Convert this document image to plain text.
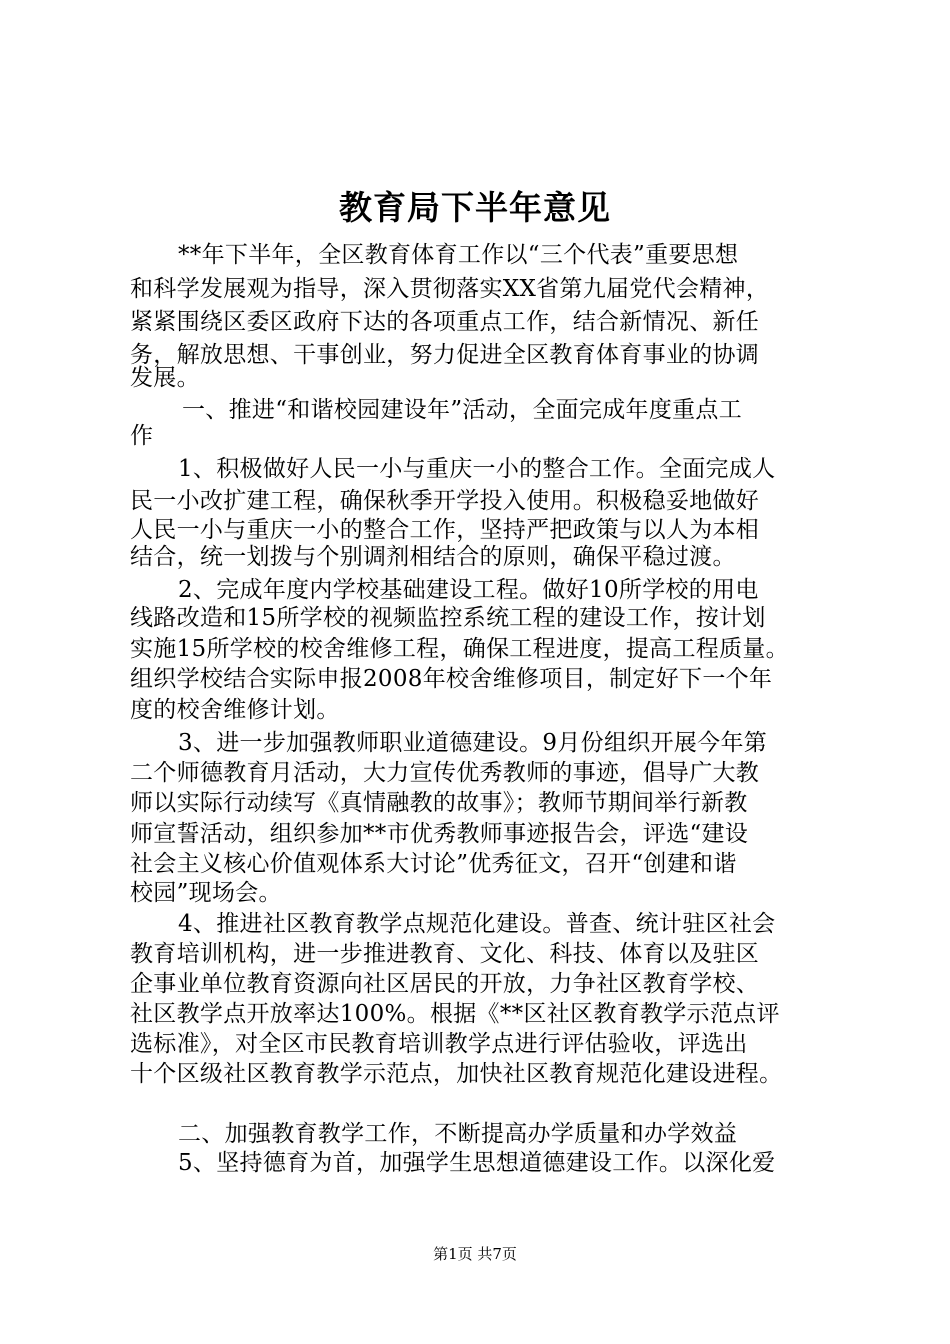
教育局下半年意见
**年下半年，全区教育体育工作以“三个代表”重要思想
和科学发展观为指导，深入贯彻落实XX省第九届党代会精神，
紧紧围绕区委区政府下达的各项重点工作，结合新情况、新任
务，解放思想、干事创业，努力促进全区教育体育事业的协调
发展。
一、推进“和谐校园建设年”活动，全面完成年度重点工
作
1、积极做好人民一小与重庆一小的整合工作。全面完成人
民一小改扩建工程，确保秋季开学投入使用。积极稳妥地做好
人民一小与重庆一小的整合工作，坚持严把政策与以人为本相
结合，统一划拨与个别调剂相结合的原则，确保平稳过渡。
2、完成年度内学校基础建设工程。做好10所学校的用电
线路改造和15所学校的视频监控系统工程的建设工作，按计划
实施15所学校的校舍维修工程，确保工程进度，提高工程质量。
组织学校结合实际申报2008年校舍维修项目，制定好下一个年
度的校舍维修计划。
3、进一步加强教师职业道德建设。9月份组织开展今年第
二个师德教育月活动，大力宣传优秀教师的事迹，倡导广大教
师以实际行动续写《真情融教的故事》；教师节期间举行新教
师宣誓活动，组织参加**市优秀教师事迹报告会，评选“建设
社会主义核心价值观体系大讨论”优秀征文，召开“创建和谐
校园”现场会。
4、推进社区教育教学点规范化建设。普查、统计驻区社会
教育培训机构，进一步推进教育、文化、科技、体育以及驻区
企事业单位教育资源向社区居民的开放，力争社区教育学校、
社区教学点开放率达100%。根据《**区社区教育教学示范点评
选标准》，对全区市民教育培训教学点进行评估验收，评选出
十个区级社区教育教学示范点，加快社区教育规范化建设进程。
二、加强教育教学工作，不断提高办学质量和办学效益
5、坚持德育为首，加强学生思想道德建设工作。以深化爱
第1页 共7页
